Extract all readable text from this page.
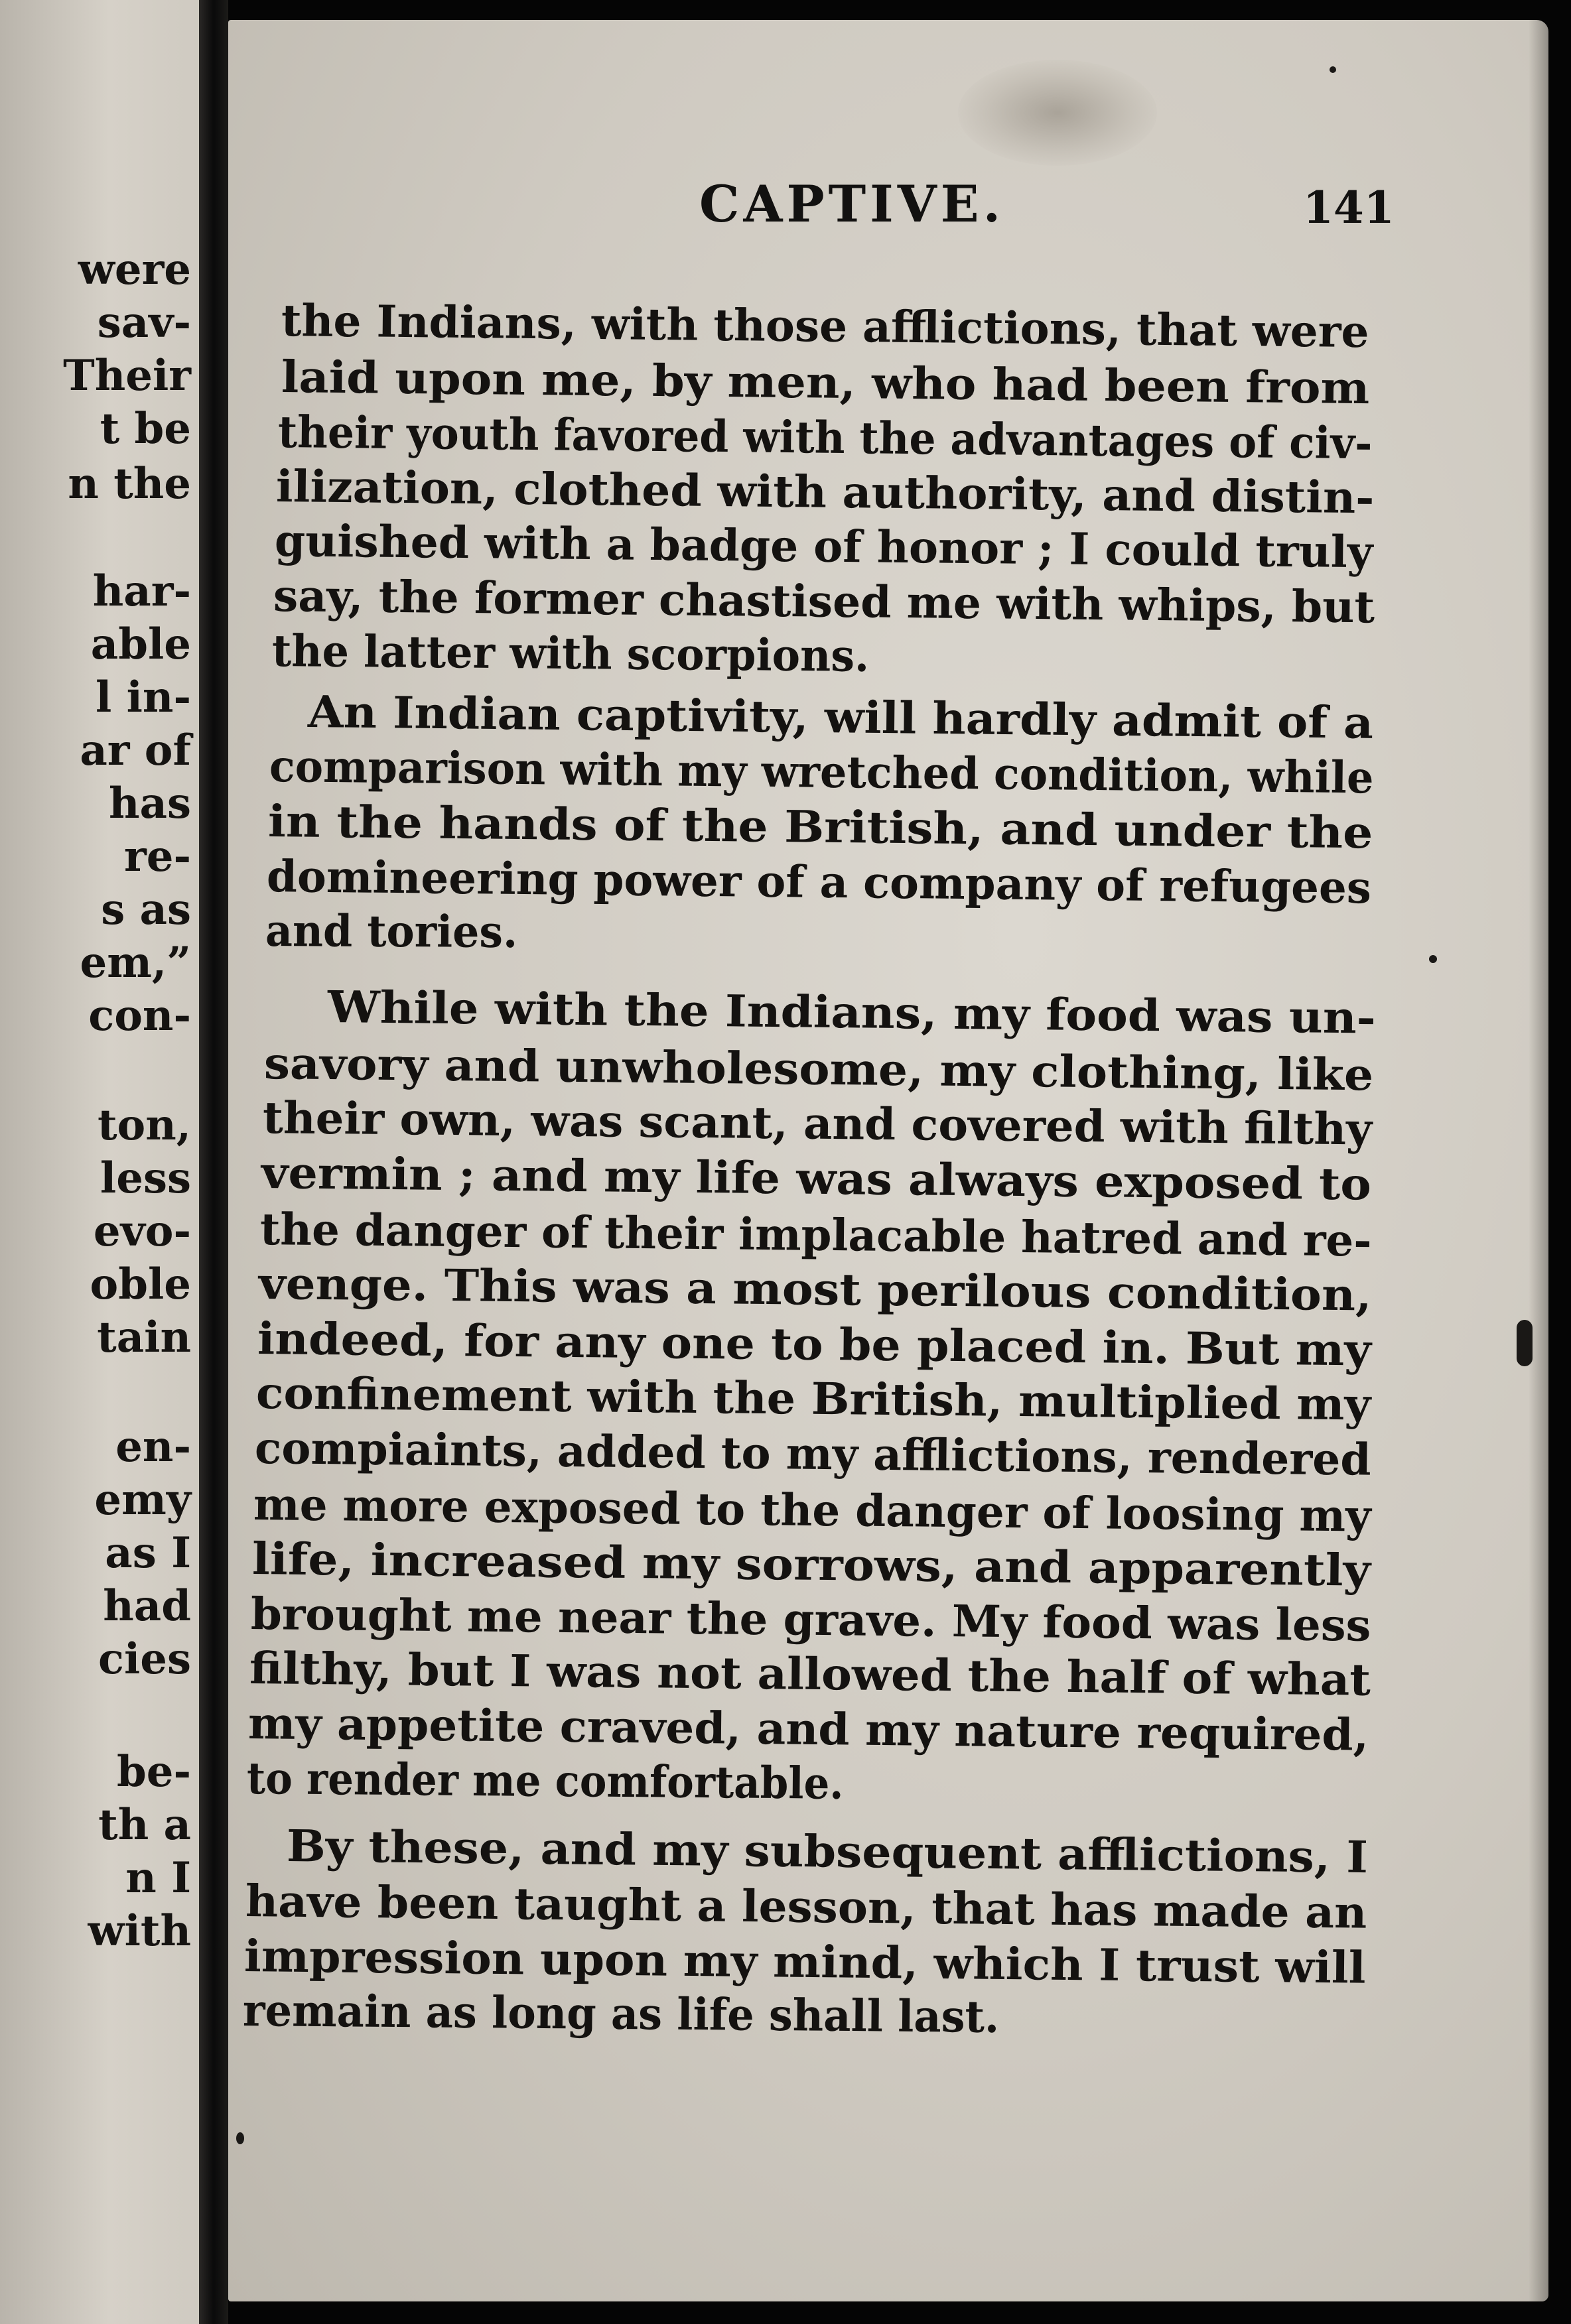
were
sav-
Their
t be
n the
har-
able
l in-
ar of
has
re-
s as
em,”
con-
ton,
less
evo-
oble
tain
en-
emy
as I
had
cies
be-
th a
n I
with
CAPTIVE.	141
the Indians, with those afflictions, that were
laid upon me, by men, who had been from
their youth favored with the advantages of civ-
ilization, clothed with authority, and distin-
guished with a badge of honor ; I could truly
say, the former chastised me with whips, but
the latter with scorpions.
An Indian captivity, will hardly admit of a
comparison with my wretched condition, while
in the hands of the British, and under the
domineering power of a company of refugees
and tories.
While with the Indians, my food was un-
savory and unwholesome, my clothing, like
their own, was scant, and covered with filthy
vermin ; and my life was always exposed to
the danger of their implacable hatred and re-
venge. This was a most perilous condition,
indeed, for any one to be placed in. But my
confinement with the British, multiplied my
compiaints, added to my afflictions, rendered
me more exposed to the danger of loosing my
life, increased my sorrows, and apparently
brought me near the grave. My food was less
filthy, but I was not allowed the half of what
my appetite craved, and my nature required,
to render me comfortable.
By these, and my subsequent afflictions, I
have been taught a lesson, that has made an
impression upon my mind, which I trust will
remain as long as life shall last.
